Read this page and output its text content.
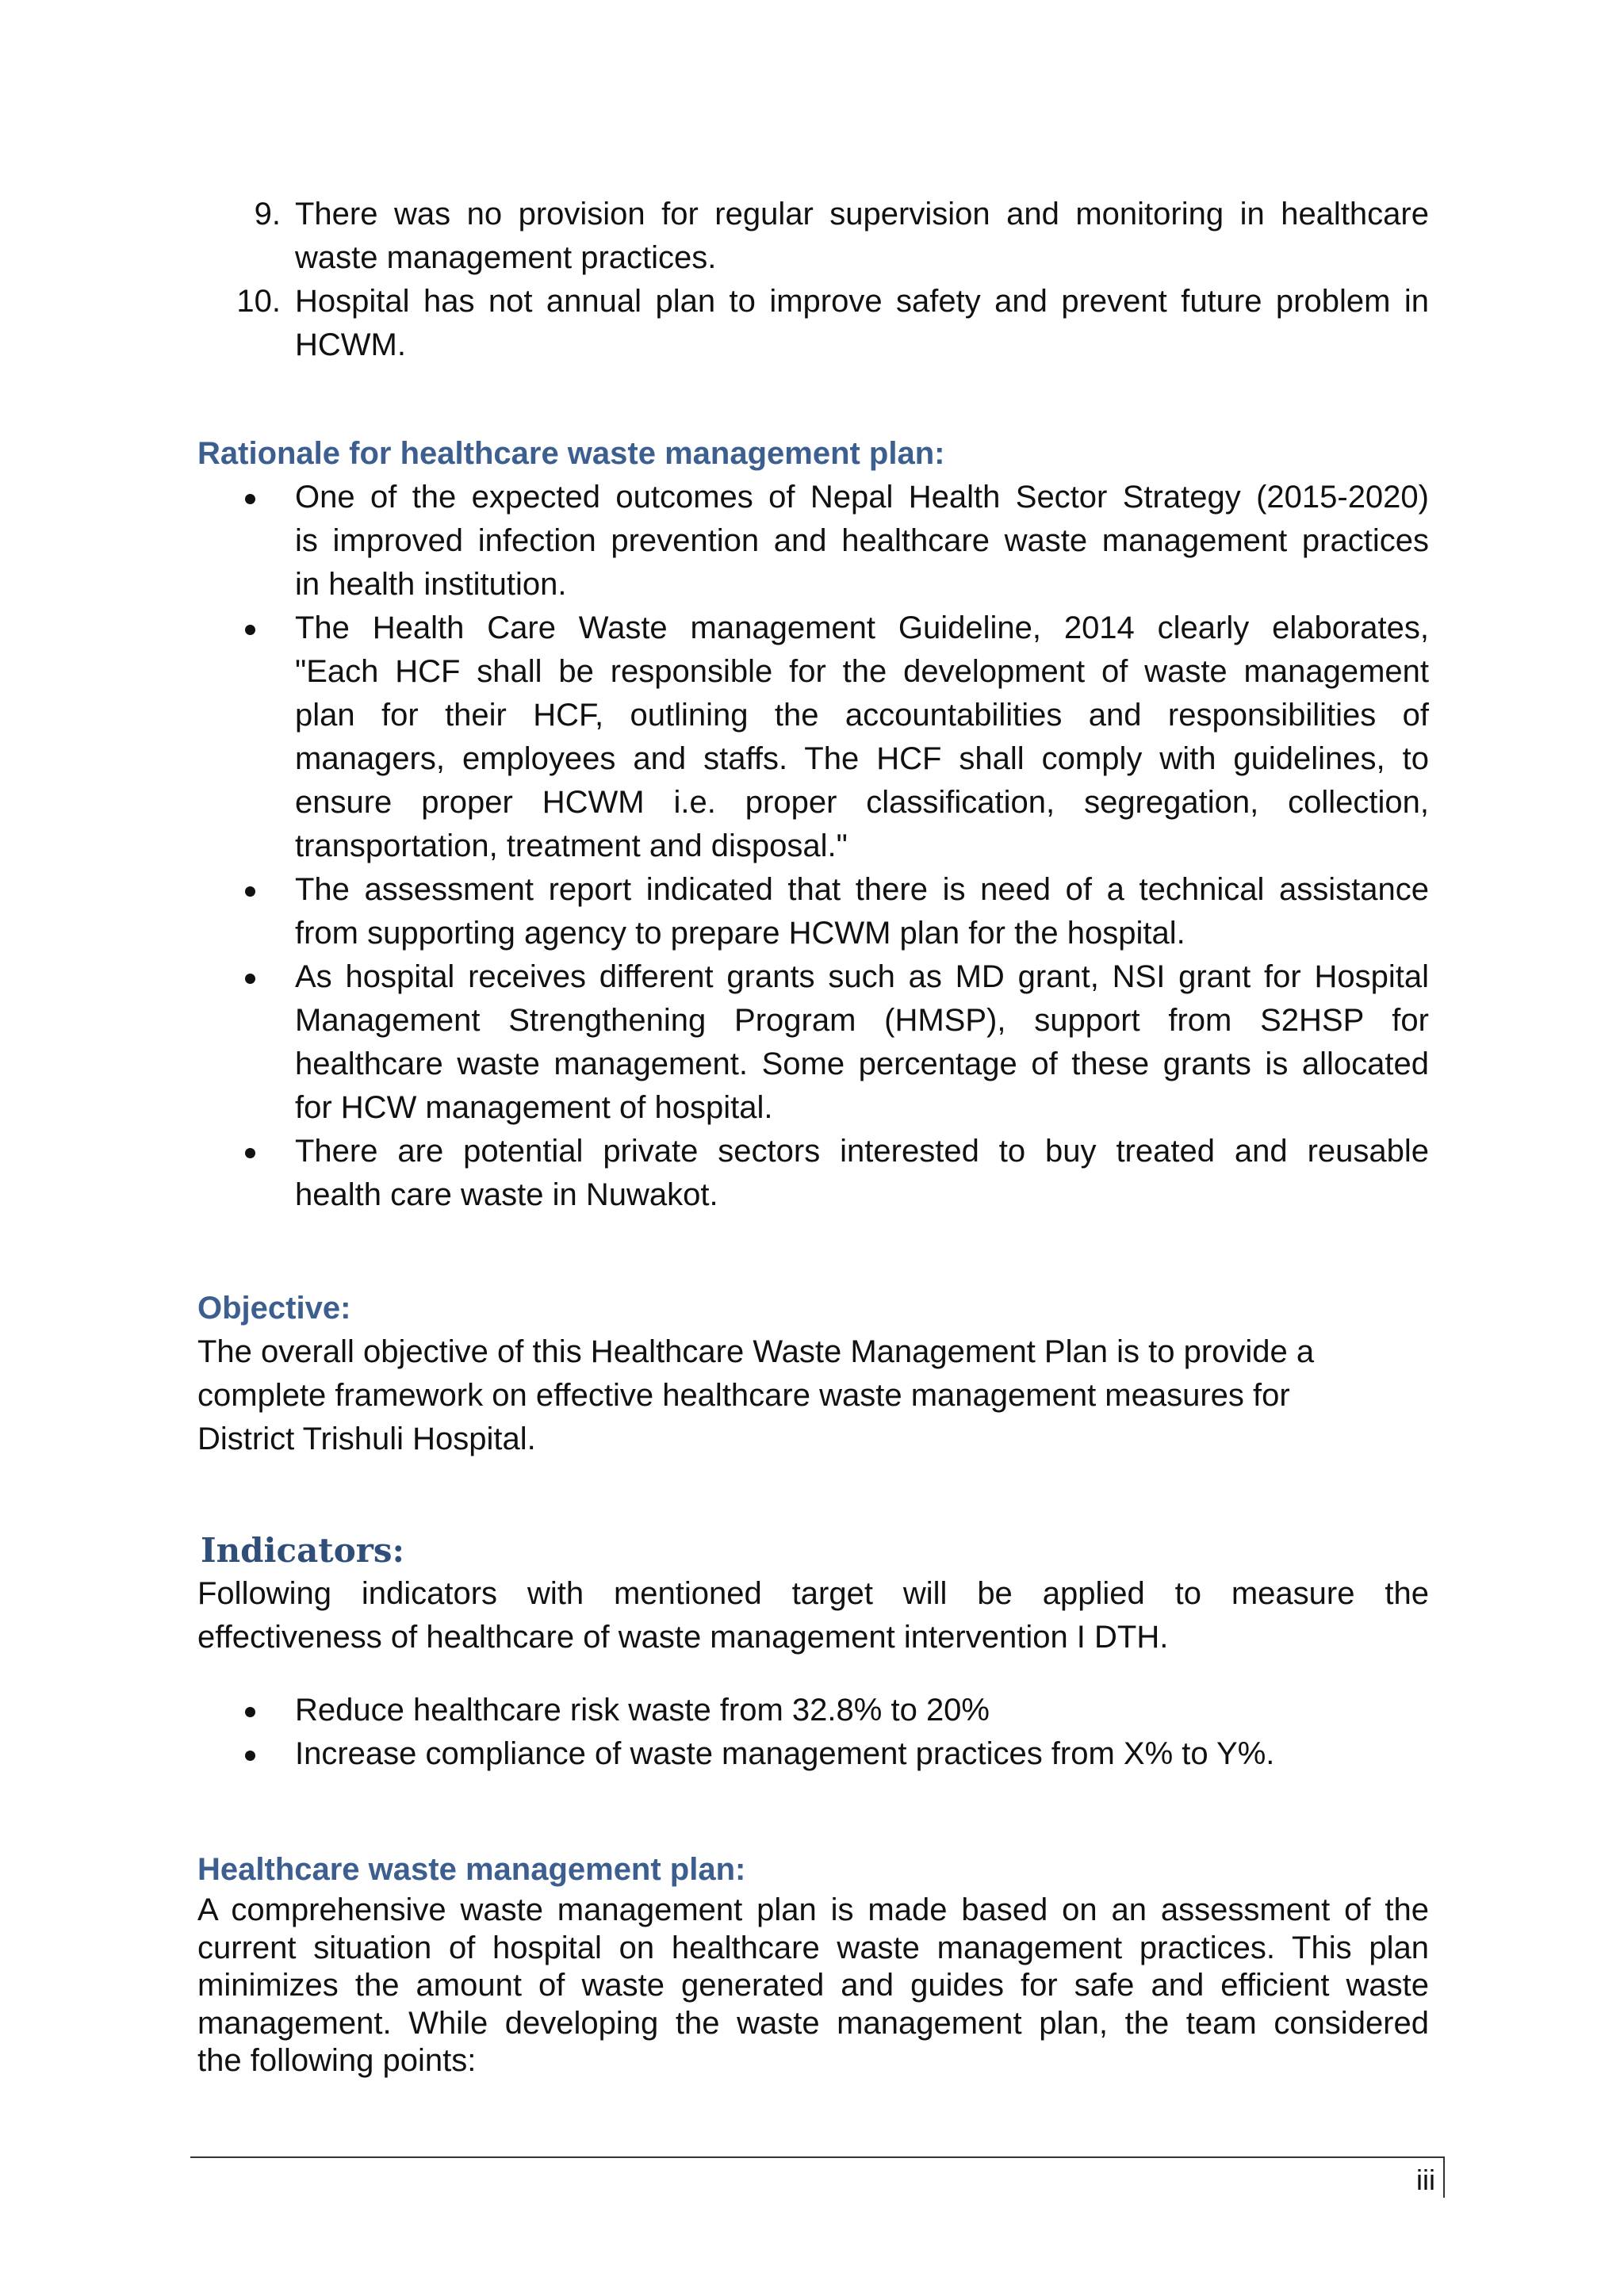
9. There was no provision for regular supervision and monitoring in healthcare
waste management practices.
10. Hospital has not annual plan to improve safety and prevent future problem in
HCWM.
Rationale for healthcare waste management plan:
One of the expected outcomes of Nepal Health Sector Strategy (2015-2020)
is improved infection prevention and healthcare waste management practices
in health institution.
The Health Care Waste management Guideline, 2014 clearly elaborates,
"Each HCF shall be responsible for the development of waste management
plan for their HCF, outlining the accountabilities and responsibilities of
managers, employees and staffs. The HCF shall comply with guidelines, to
ensure proper HCWM i.e. proper classification, segregation, collection,
transportation, treatment and disposal."
The assessment report indicated that there is need of a technical assistance
from supporting agency to prepare HCWM plan for the hospital.
As hospital receives different grants such as MD grant, NSI grant for Hospital
Management Strengthening Program (HMSP), support from S2HSP for
healthcare waste management. Some percentage of these grants is allocated
for HCW management of hospital.
There are potential private sectors interested to buy treated and reusable
health care waste in Nuwakot.
Objective:
The overall objective of this Healthcare Waste Management Plan is to provide a
complete framework on effective healthcare waste management measures for
District Trishuli Hospital.
Indicators:
Following indicators with mentioned target will be applied to measure the
effectiveness of healthcare of waste management intervention I DTH.
Reduce healthcare risk waste from 32.8% to 20%
Increase compliance of waste management practices from X% to Y%.
Healthcare waste management plan:
A comprehensive waste management plan is made based on an assessment of the
current situation of hospital on healthcare waste management practices. This plan
minimizes the amount of waste generated and guides for safe and efficient waste
management. While developing the waste management plan, the team considered
the following points:
iii
